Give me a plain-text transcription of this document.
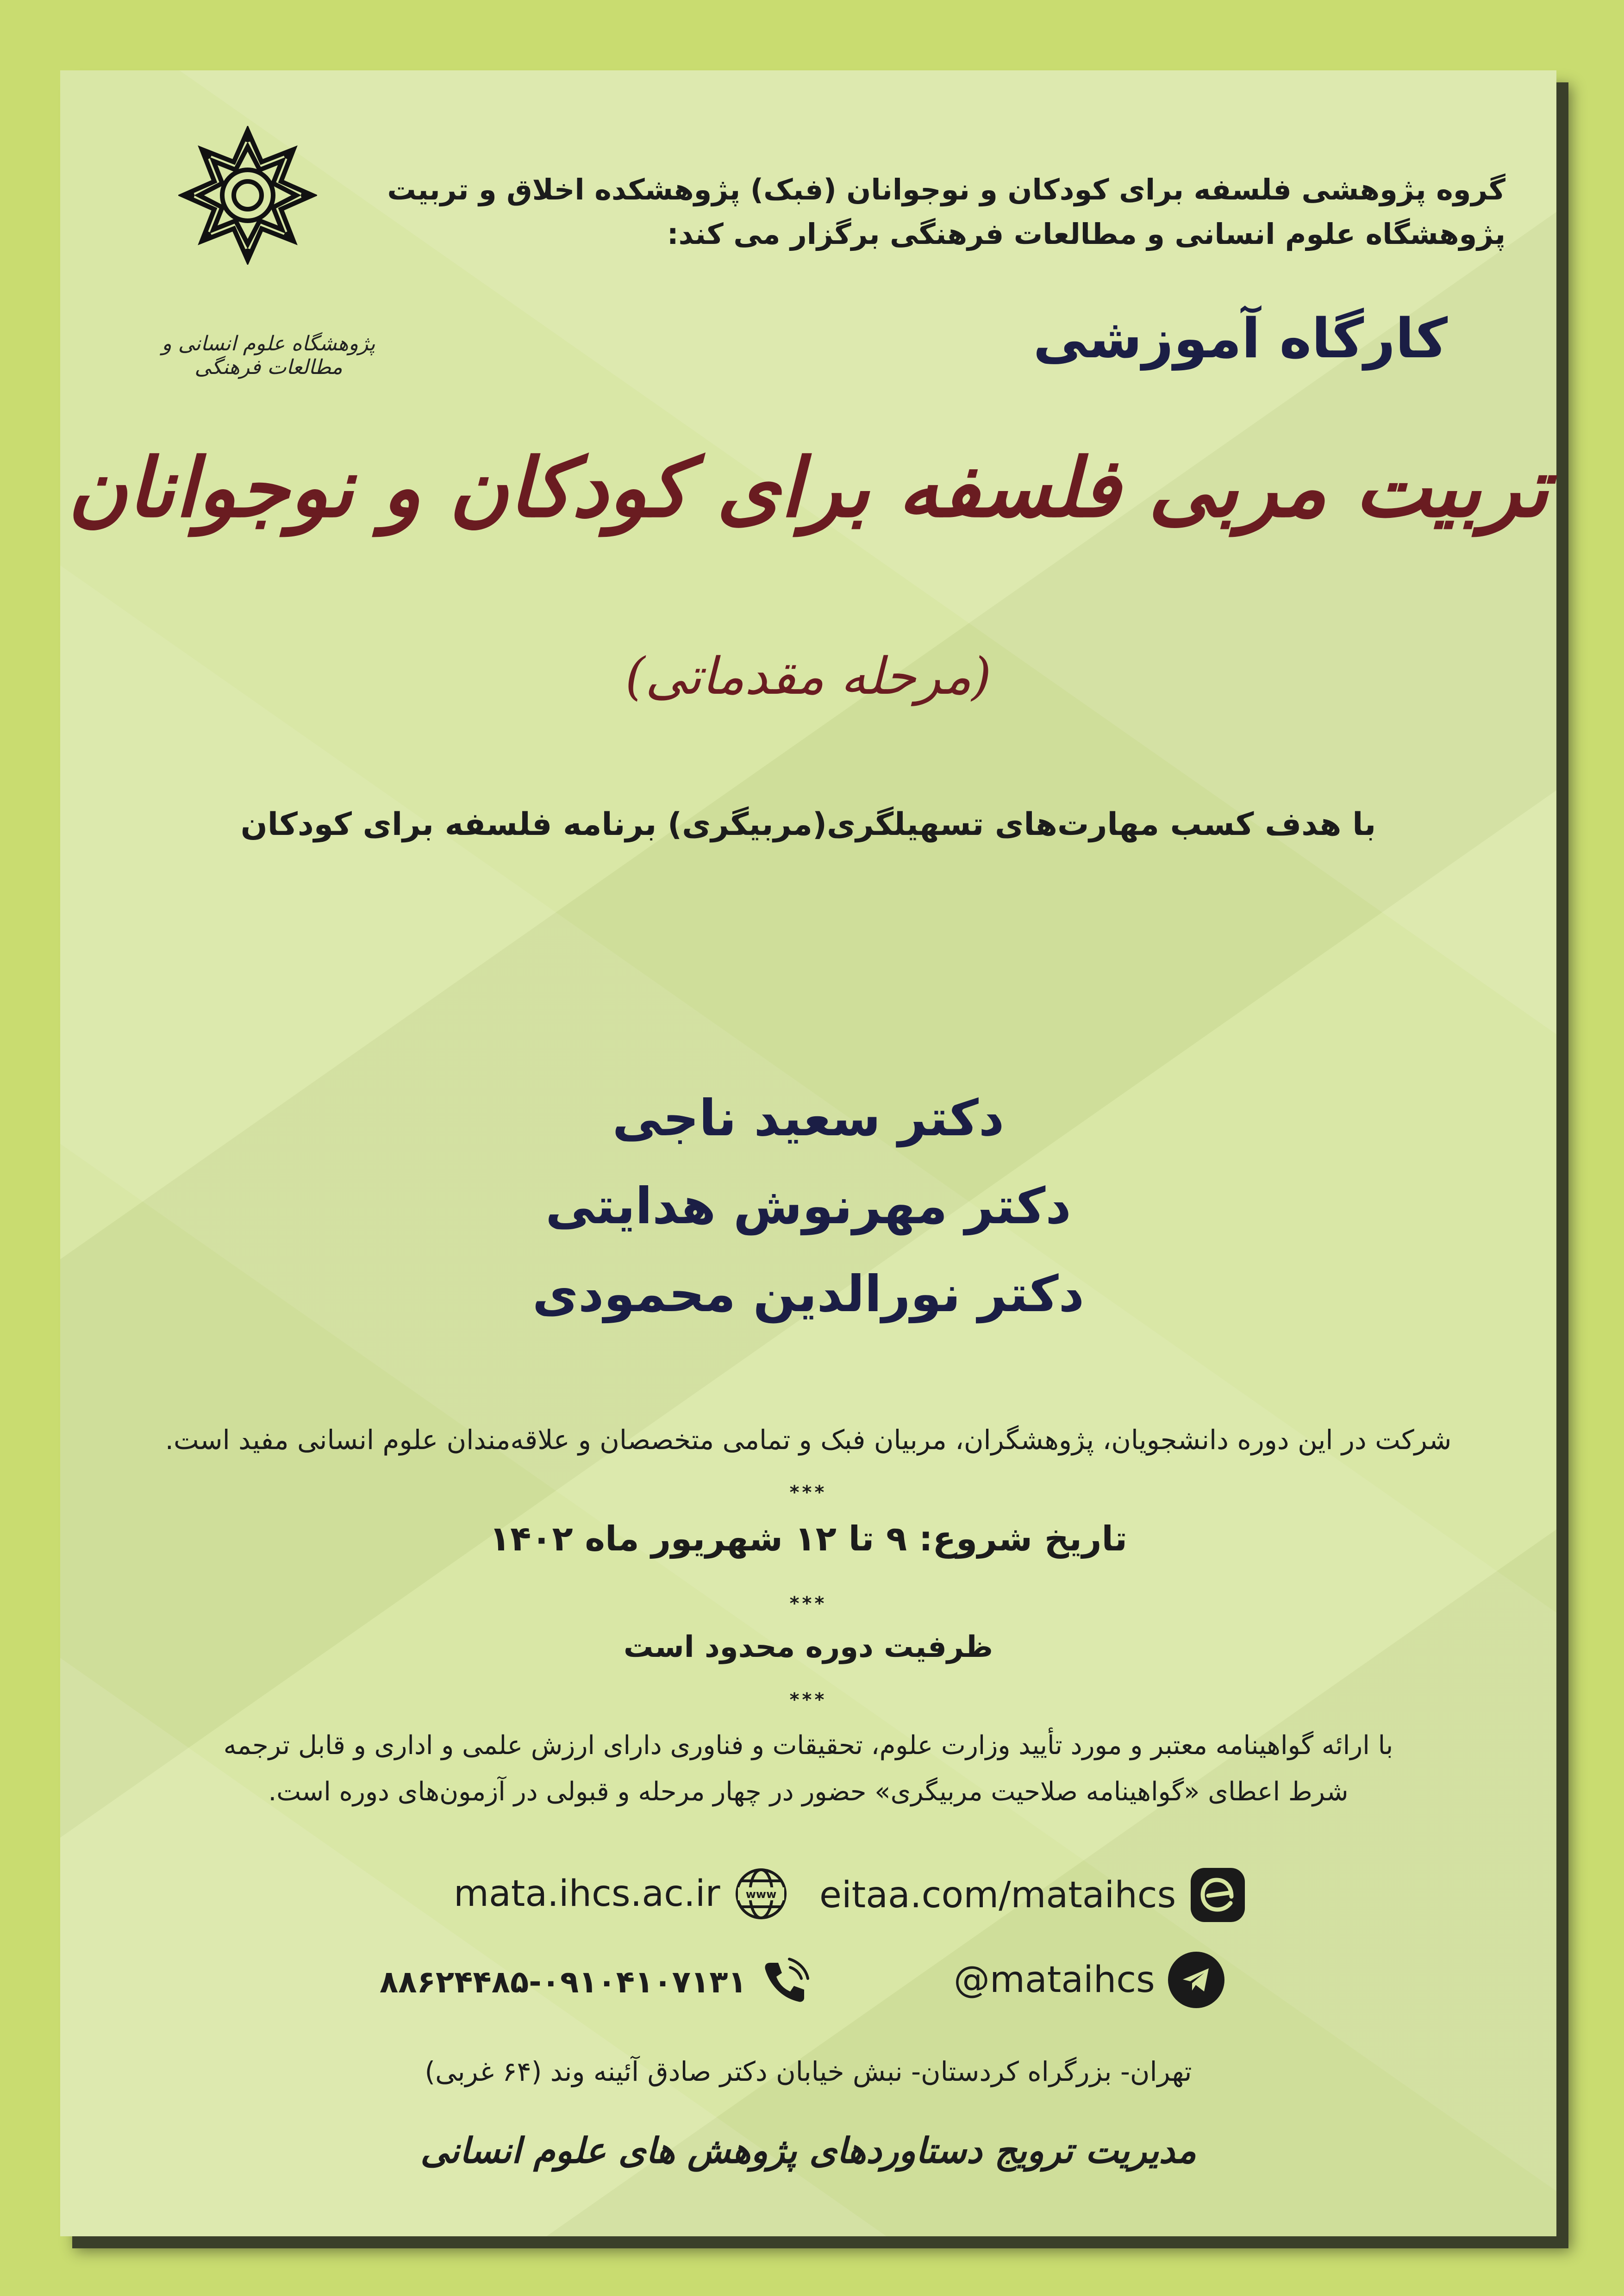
پژوهشگاه علوم انسانی و مطالعات فرهنگی
گروه پژوهشی فلسفه برای کودکان و نوجوانان (فبک) پژوهشکده اخلاق و تربیت
پژوهشگاه علوم انسانی و مطالعات فرهنگی برگزار می کند:
کارگاه آموزشی
تربیت مربی فلسفه برای کودکان و نوجوانان
(مرحله مقدماتی)
با هدف کسب مهارت‌های تسهیلگری(مربیگری) برنامه فلسفه برای کودکان
دکتر سعید ناجی
دکتر مهرنوش هدایتی
دکتر نورالدین محمودی
شرکت در این دوره دانشجویان، پژوهشگران، مربیان فبک و تمامی متخصصان و علاقه‌مندان علوم انسانی مفید است.
***
تاریخ شروع: ۹ تا ۱۲ شهریور ماه ۱۴۰۲
***
ظرفیت دوره محدود است
***
با ارائه گواهینامه معتبر و مورد تأیید وزارت علوم، تحقیقات و فناوری دارای ارزش علمی و اداری و قابل ترجمه
شرط اعطای «گواهینامه صلاحیت مربیگری» حضور در چهار مرحله و قبولی در آزمون‌های دوره است.
mata.ihcs.ac.ir www eitaa.com/mataihcs
۸۸۶۲۴۴۸۵-۰۹۱۰۴۱۰۷۱۳۱	@mataihcs
تهران- بزرگراه کردستان- نبش خیابان دکتر صادق آئینه وند (۶۴ غربی)
مدیریت ترویج دستاوردهای پژوهش های علوم انسانی
